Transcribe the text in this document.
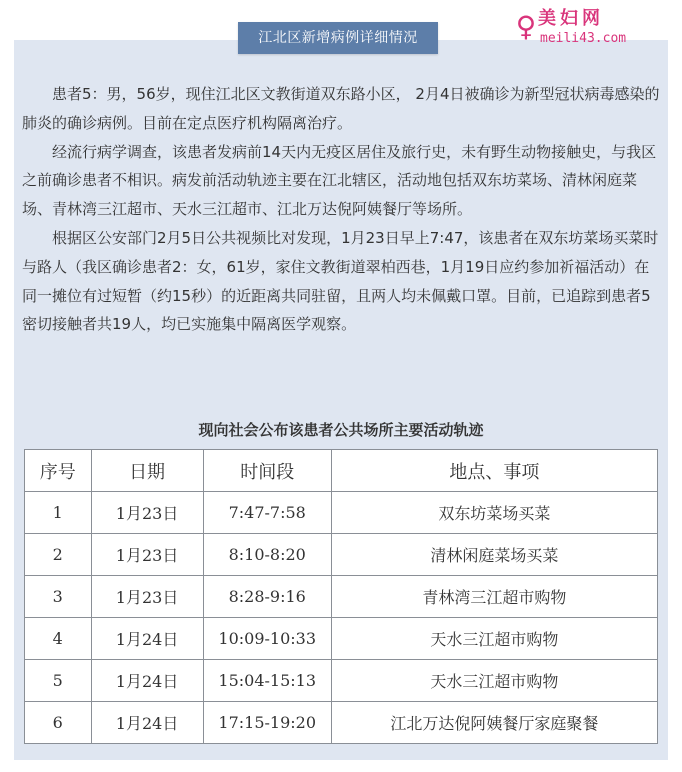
江北区新增病例详细情况	♀ 美妇网
meili43.com

患者5：男，56岁，现住江北区文教街道双东路小区， 2月4日被确诊为新型冠状病毒感染的肺炎的确诊病例。目前在定点医疗机构隔离治疗。

经流行病学调查，该患者发病前14天内无疫区居住及旅行史，未有野生动物接触史，与我区之前确诊患者不相识。病发前活动轨迹主要在江北辖区，活动地包括双东坊菜场、清林闲庭菜场、青林湾三江超市、天水三江超市、江北万达倪阿姨餐厅等场所。

根据区公安部门2月5日公共视频比对发现，1月23日早上7:47，该患者在双东坊菜场买菜时与路人（我区确诊患者2：女，61岁，家住文教街道翠柏西巷，1月19日应约参加祈福活动）在同一摊位有过短暂（约15秒）的近距离共同驻留，且两人均未佩戴口罩。目前，已追踪到患者5密切接触者共19人，均已实施集中隔离医学观察。

现向社会公布该患者公共场所主要活动轨迹
序号	日期	时间段	地点、事项
1	1月23日	7:47-7:58	双东坊菜场买菜
2	1月23日	8:10-8:20	清林闲庭菜场买菜
3	1月23日	8:28-9:16	青林湾三江超市购物
4	1月24日	10:09-10:33	天水三江超市购物
5	1月24日	15:04-15:13	天水三江超市购物
6	1月24日	17:15-19:20	江北万达倪阿姨餐厅家庭聚餐
